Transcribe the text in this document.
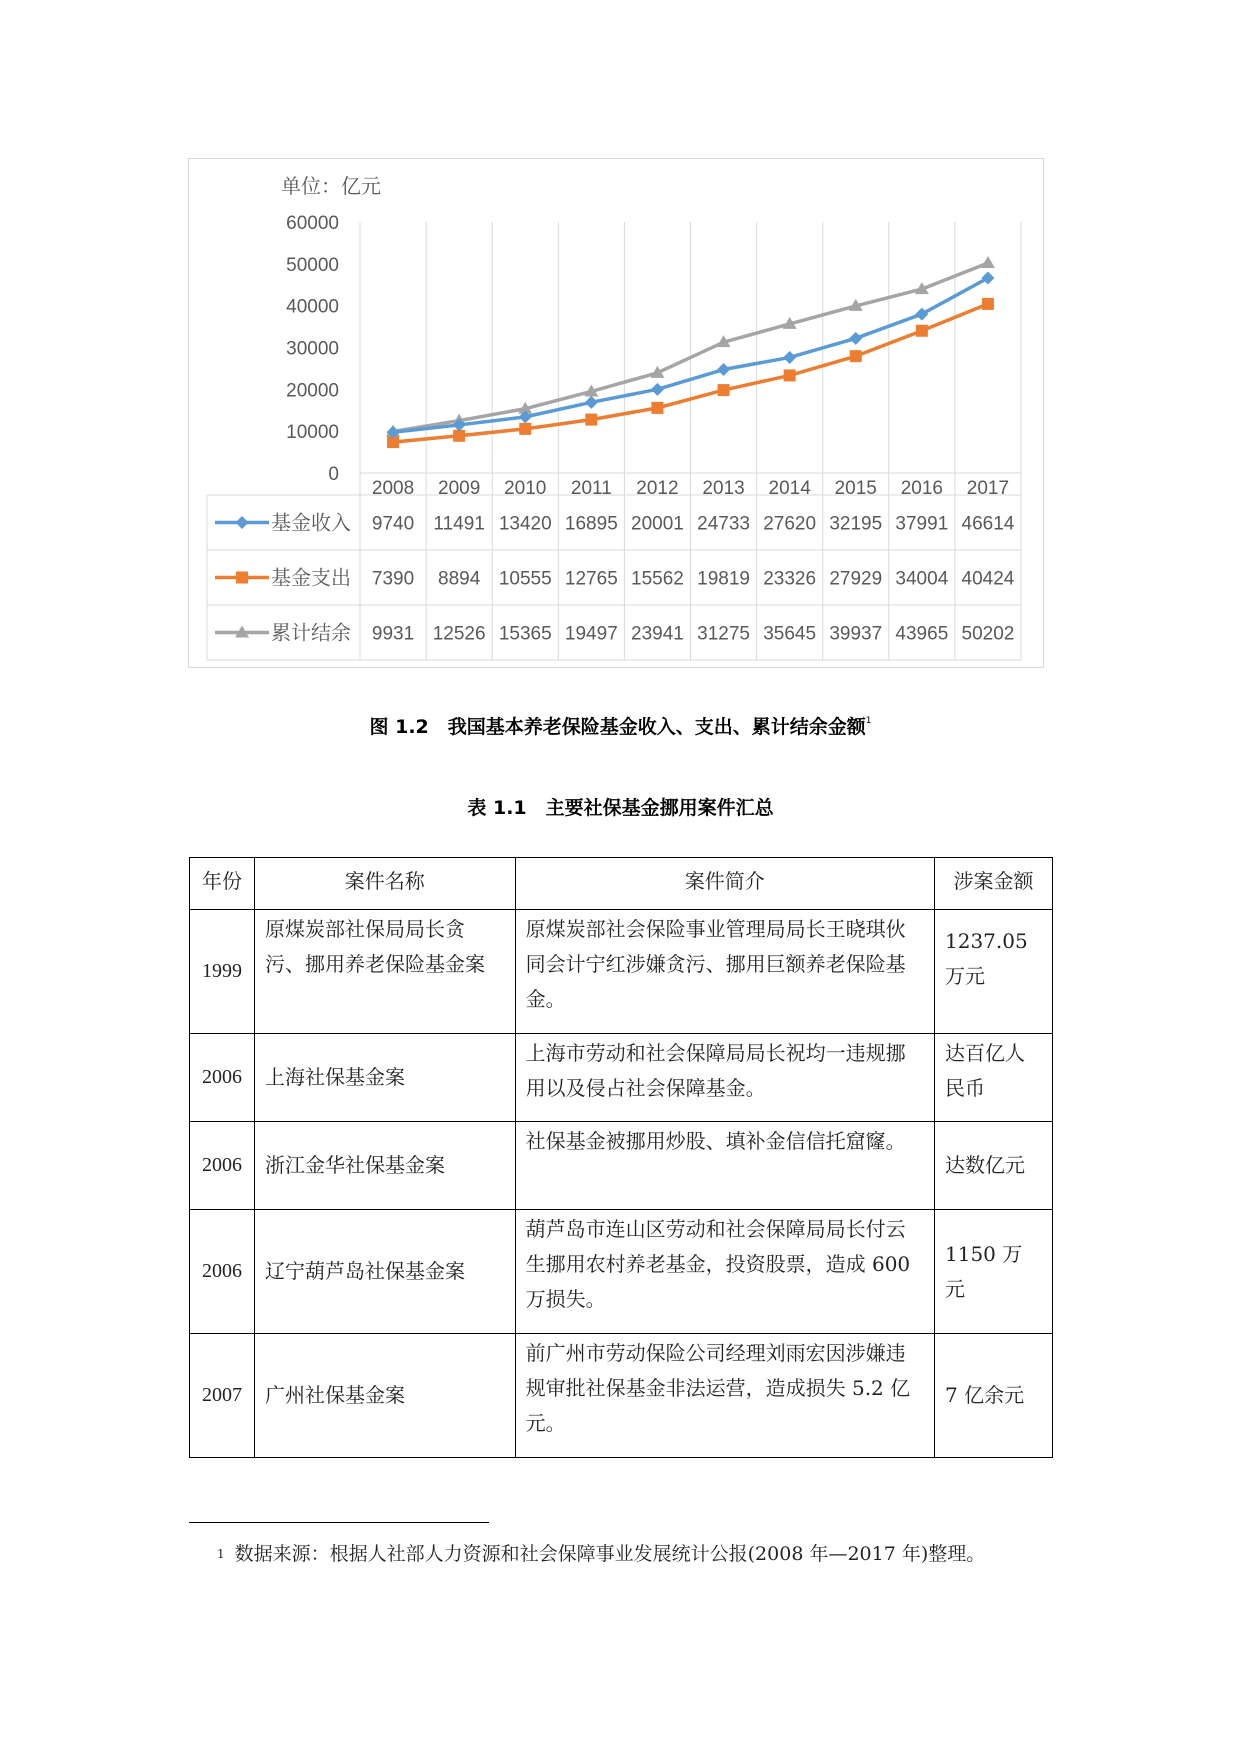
单位：亿元
0
10000
20000
30000
40000
50000
60000
2008 2009 2010 2011 2012 2013 2014 2015 2016 2017
基金收入 9740 11491 13420 16895 20001 24733 27620 32195 37991 46614
基金支出 7390 8894 10555 12765 15562 19819 23326 27929 34004 40424
累计结余 9931 12526 15365 19497 23941 31275 35645 39937 43965 50202
图 1.2　我国基本养老保险基金收入、支出、累计结余金额$^1$
表 1.1　主要社保基金挪用案件汇总
年份	案件名称	案件简介	涉案金额
1999	原煤炭部社保局局长贪污、挪用养老保险基金案	原煤炭部社会保险事业管理局局长王晓琪伙同会计宁红涉嫌贪污、挪用巨额养老保险基金。	1237.05 万元
2006	上海社保基金案	上海市劳动和社会保障局局长祝均一违规挪用以及侵占社会保障基金。	达百亿人民币
2006	浙江金华社保基金案	社保基金被挪用炒股、填补金信信托窟窿。	达数亿元
2006	辽宁葫芦岛社保基金案	葫芦岛市连山区劳动和社会保障局局长付云生挪用农村养老基金，投资股票，造成 600 万损失。	1150 万元
2007	广州社保基金案	前广州市劳动保险公司经理刘雨宏因涉嫌违规审批社保基金非法运营，造成损失 5.2 亿元。	7 亿余元
$^1$ 数据来源：根据人社部人力资源和社会保障事业发展统计公报(2008 年—2017 年)整理。
